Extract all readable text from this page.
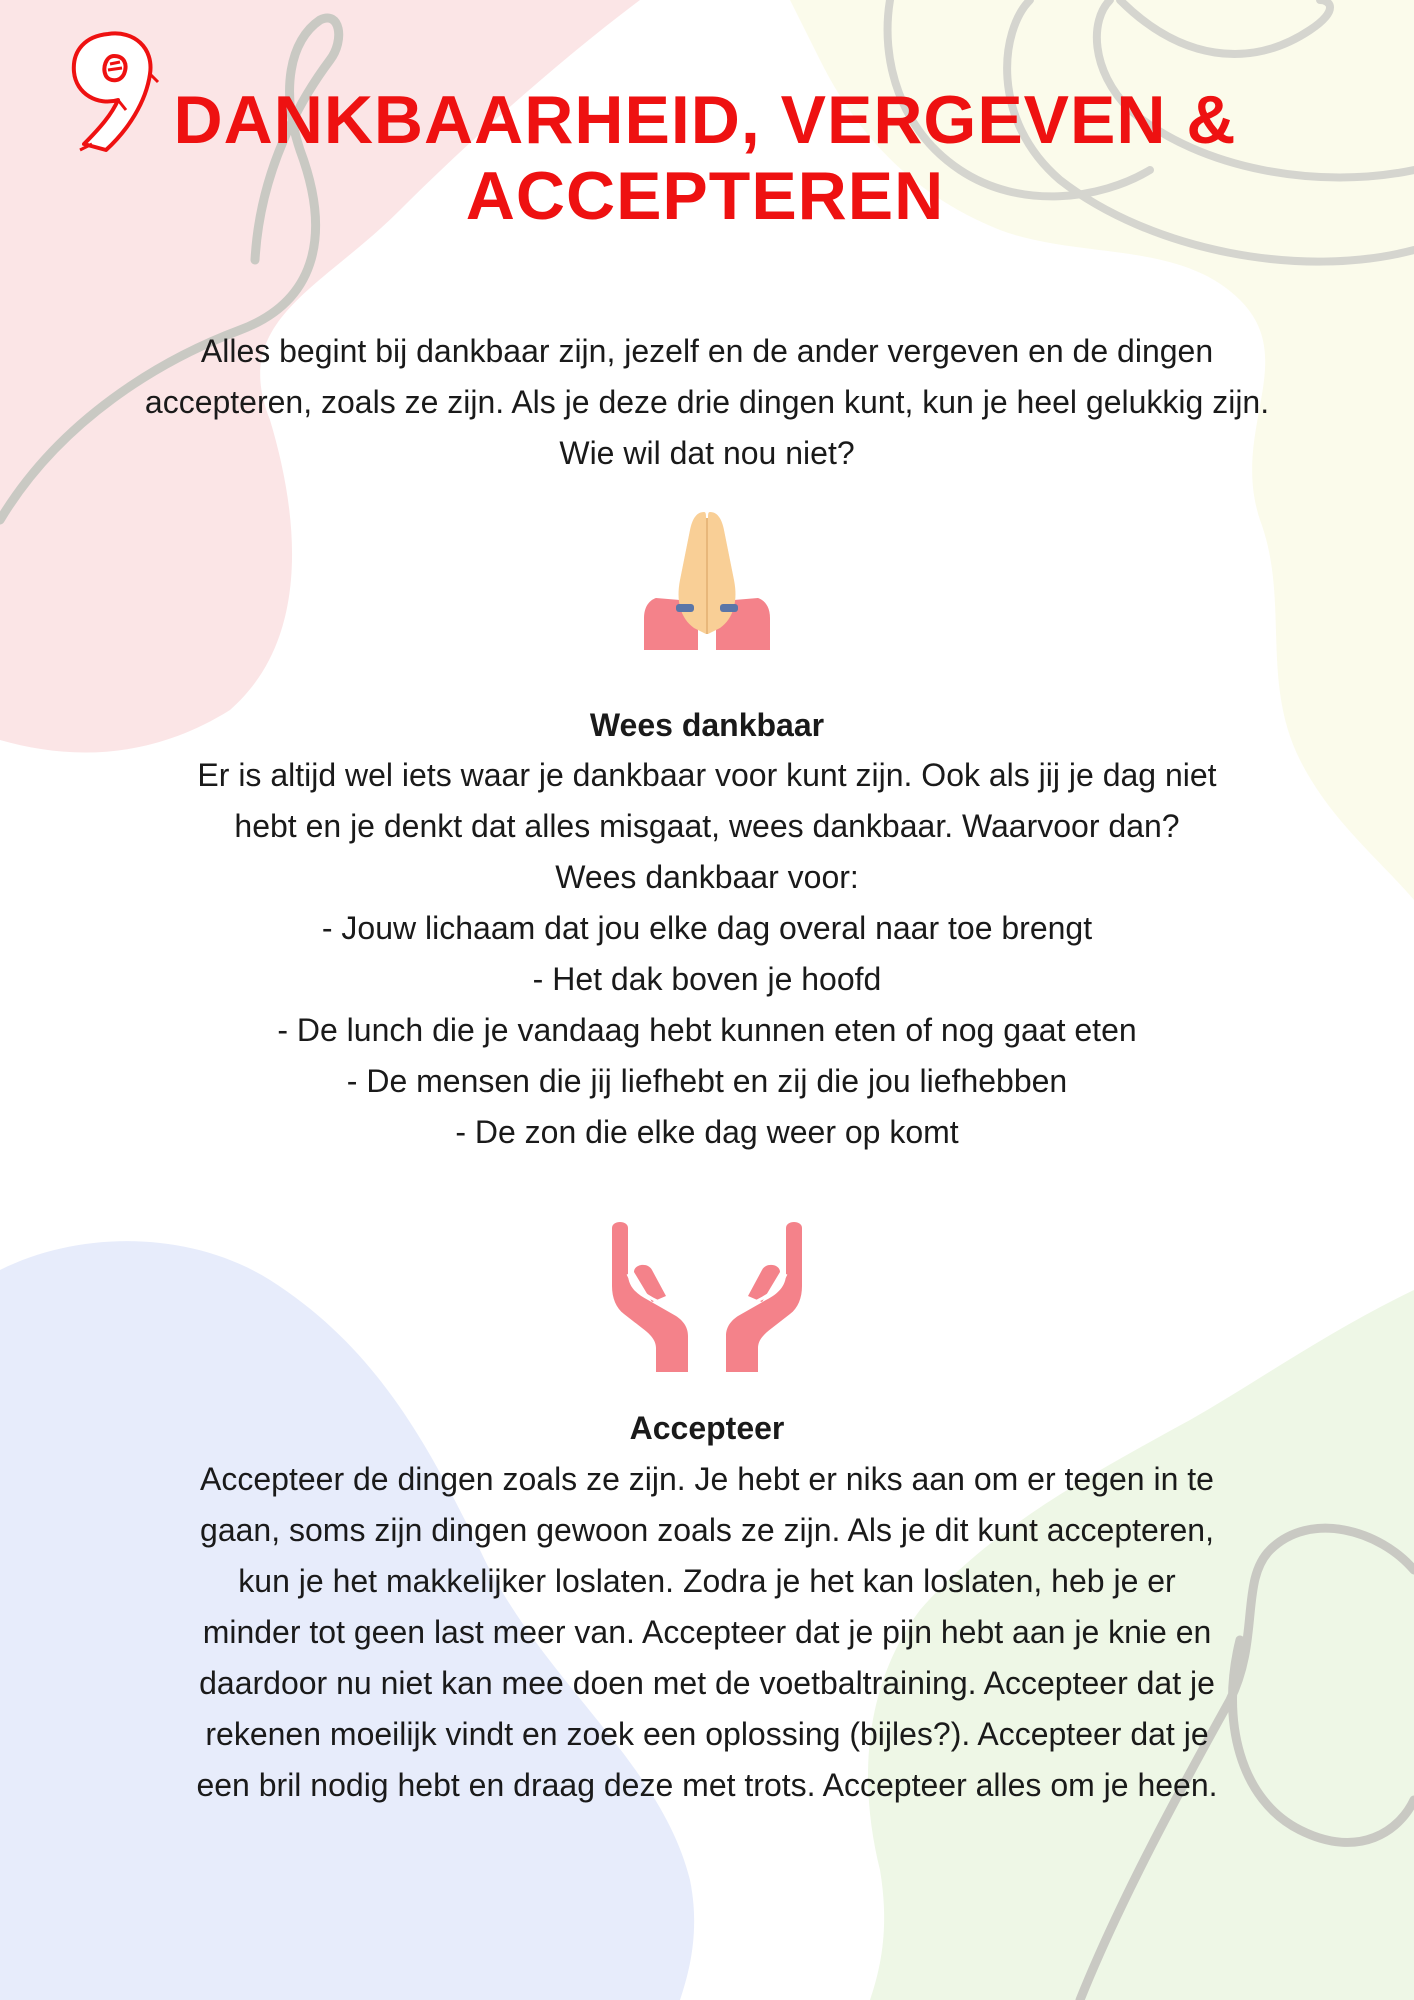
DANKBAARHEID, VERGEVEN &
ACCEPTEREN

Alles begint bij dankbaar zijn, jezelf en de ander vergeven en de dingen
accepteren, zoals ze zijn. Als je deze drie dingen kunt, kun je heel gelukkig zijn.
Wie wil dat nou niet?

Wees dankbaar

Er is altijd wel iets waar je dankbaar voor kunt zijn. Ook als jij je dag niet
hebt en je denkt dat alles misgaat, wees dankbaar. Waarvoor dan?
Wees dankbaar voor:
- Jouw lichaam dat jou elke dag overal naar toe brengt
- Het dak boven je hoofd
- De lunch die je vandaag hebt kunnen eten of nog gaat eten
- De mensen die jij liefhebt en zij die jou liefhebben
- De zon die elke dag weer op komt

Accepteer

Accepteer de dingen zoals ze zijn. Je hebt er niks aan om er tegen in te
gaan, soms zijn dingen gewoon zoals ze zijn. Als je dit kunt accepteren,
kun je het makkelijker loslaten. Zodra je het kan loslaten, heb je er
minder tot geen last meer van. Accepteer dat je pijn hebt aan je knie en
daardoor nu niet kan mee doen met de voetbaltraining. Accepteer dat je
rekenen moeilijk vindt en zoek een oplossing (bijles?). Accepteer dat je
een bril nodig hebt en draag deze met trots. Accepteer alles om je heen.
